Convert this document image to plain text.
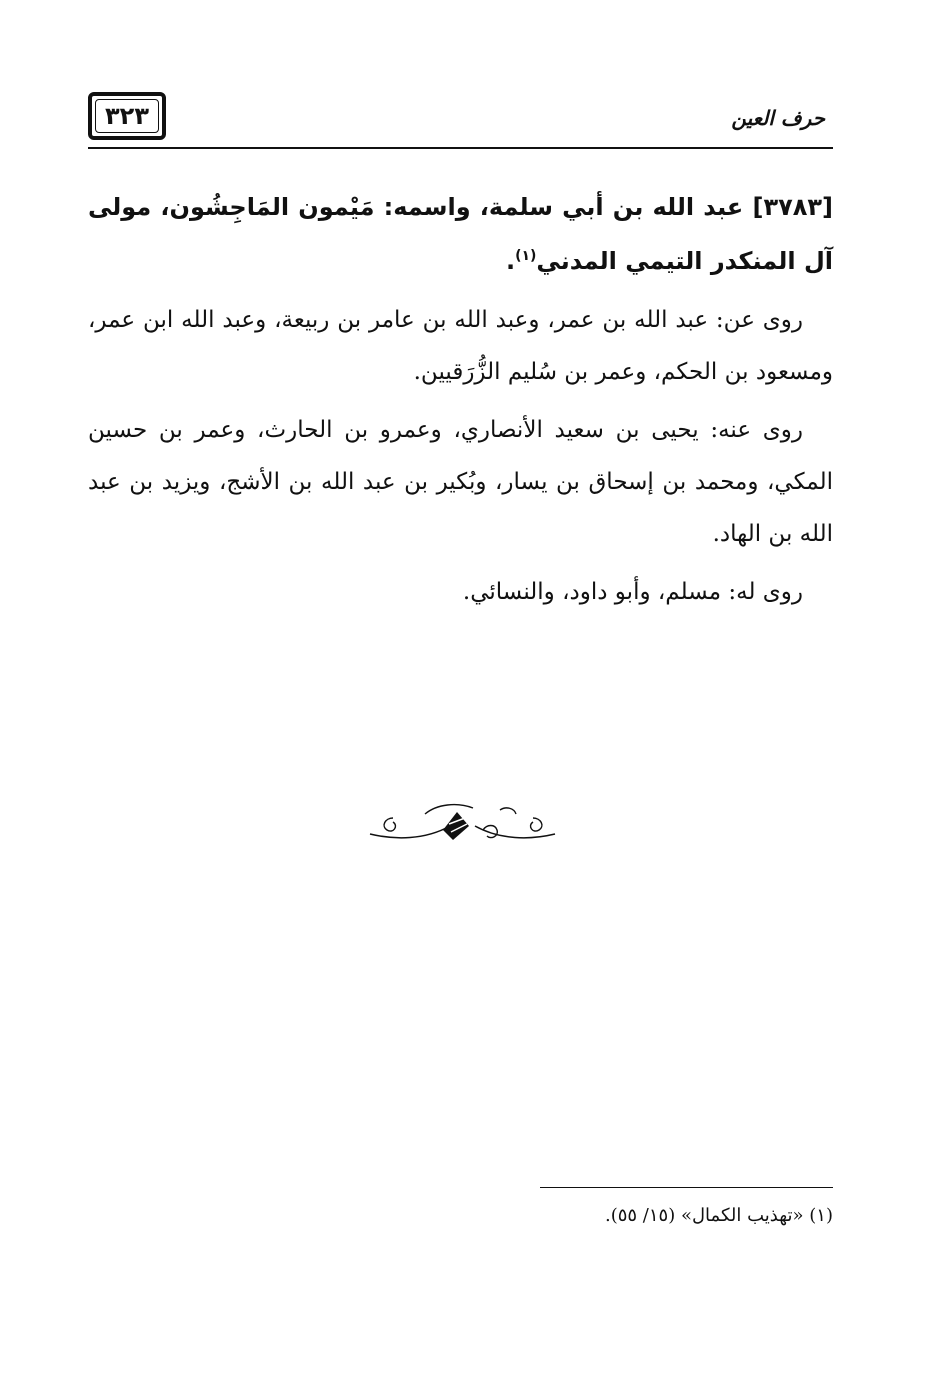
٣٢٣	حرف العين
[٣٧٨٣] عبد الله بن أبي سلمة، واسمه: مَيْمون المَاجِشُون، مولى آل المنكدر التيمي المدني$^{(١)}$.

روى عن: عبد الله بن عمر، وعبد الله بن عامر بن ربيعة، وعبد الله ابن عمر، ومسعود بن الحكم، وعمر بن سُليم الزُّرَقيين.

روى عنه: يحيى بن سعيد الأنصاري، وعمرو بن الحارث، وعمر بن حسين المكي، ومحمد بن إسحاق بن يسار، وبُكير بن عبد الله بن الأشج، ويزيد بن عبد الله بن الهاد.

روى له: مسلم، وأبو داود، والنسائي.

(١) «تهذيب الكمال» (١٥/ ٥٥).
